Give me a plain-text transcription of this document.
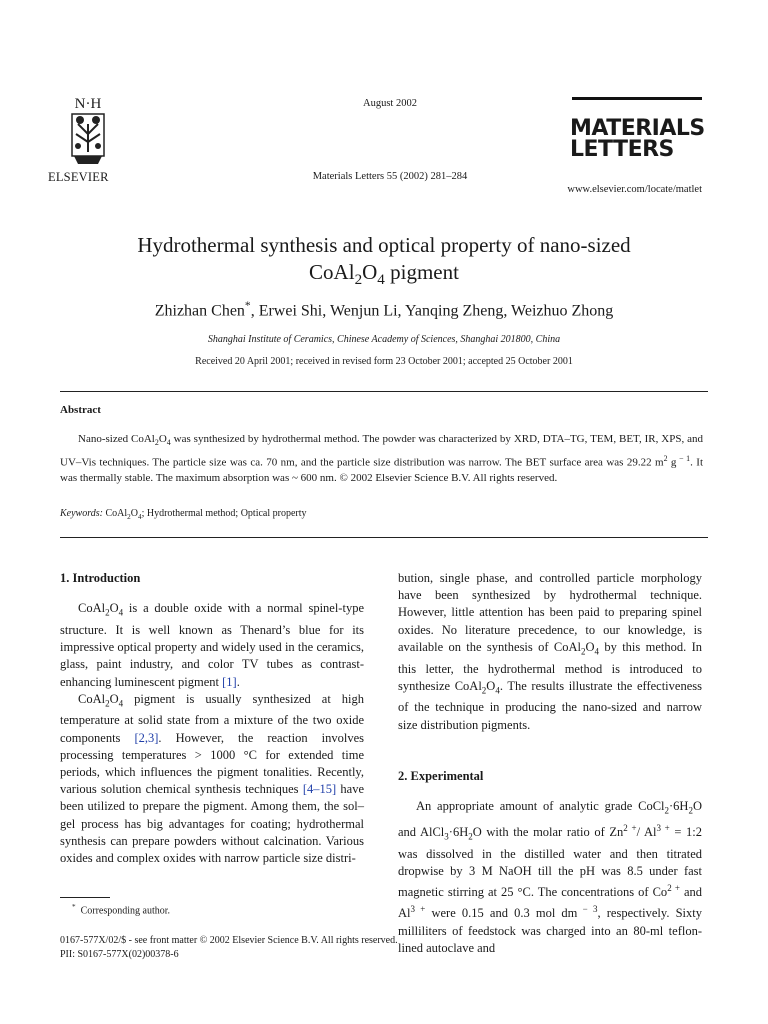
N·H
ELSEVIER
August 2002
Materials Letters 55 (2002) 281–284
MATERIALS
LETTERS
www.elsevier.com/locate/matlet
Hydrothermal synthesis and optical property of nano-sized
$CoAl_2O_4$ pigment
Zhizhan Chen*, Erwei Shi, Wenjun Li, Yanqing Zheng, Weizhuo Zhong
Shanghai Institute of Ceramics, Chinese Academy of Sciences, Shanghai 201800, China
Received 20 April 2001; received in revised form 23 October 2001; accepted 25 October 2001
Abstract
Nano-sized $CoAl_2O_4$ was synthesized by hydrothermal method. The powder was characterized by XRD, DTA–TG, TEM, BET, IR, XPS, and UV–Vis techniques. The particle size was ca. 70 nm, and the particle size distribution was narrow. The BET surface area was 29.22 $m^2$ g $^{- 1}$. It was thermally stable. The maximum absorption was ~ 600 nm. © 2002 Elsevier Science B.V. All rights reserved.
Keywords: $CoAl_2O_4$; Hydrothermal method; Optical property
1. Introduction

$CoAl_2O_4$ is a double oxide with a normal spinel-type structure. It is well known as Thenard’s blue for its impressive optical property and widely used in the ceramics, glass, paint industry, and color TV tubes as contrast-enhancing luminescent pigment [1].

$CoAl_2O_4$ pigment is usually synthesized at high temperature at solid state from a mixture of the two oxide components [2,3]. However, the reaction involves processing temperatures > 1000 °C for extended time periods, which influences the pigment tonalities. Recently, various solution chemical synthesis techniques [4–15] have been utilized to prepare the pigment. Among them, the sol–gel process has big advantages for coating; hydrothermal synthesis can prepare powders without calcination. Various oxides and complex oxides with narrow particle size distri-

* Corresponding author.

bution, single phase, and controlled particle morphology have been synthesized by hydrothermal technique. However, little attention has been paid to preparing spinel oxides. No literature precedence, to our knowledge, is available on the synthesis of $CoAl_2O_4$ by this method. In this letter, the hydrothermal method is introduced to synthesize $CoAl_2O_4$. The results illustrate the effectiveness of the technique in producing the nano-sized and narrow size distribution pigments.

2. Experimental

An appropriate amount of analytic grade $CoCl_2\cdot 6H_2O$ and $AlCl_3\cdot 6H_2O$ with the molar ratio of $Zn^{2 +}/$ $Al^{3 +}$ = 1:2 was dissolved in the distilled water and then titrated dropwise by 3 M NaOH till the pH was 8.5 under fast magnetic stirring at 25 °C. The concentrations of $Co^{2 +}$ and $Al^{3 +}$ were 0.15 and 0.3 mol dm $^{- 3}$, respectively. Sixty milliliters of feedstock was charged into an 80-ml teflon-lined autoclave and

0167-577X/02/$ - see front matter © 2002 Elsevier Science B.V. All rights reserved.
PII: S0167-577X(02)00378-6
